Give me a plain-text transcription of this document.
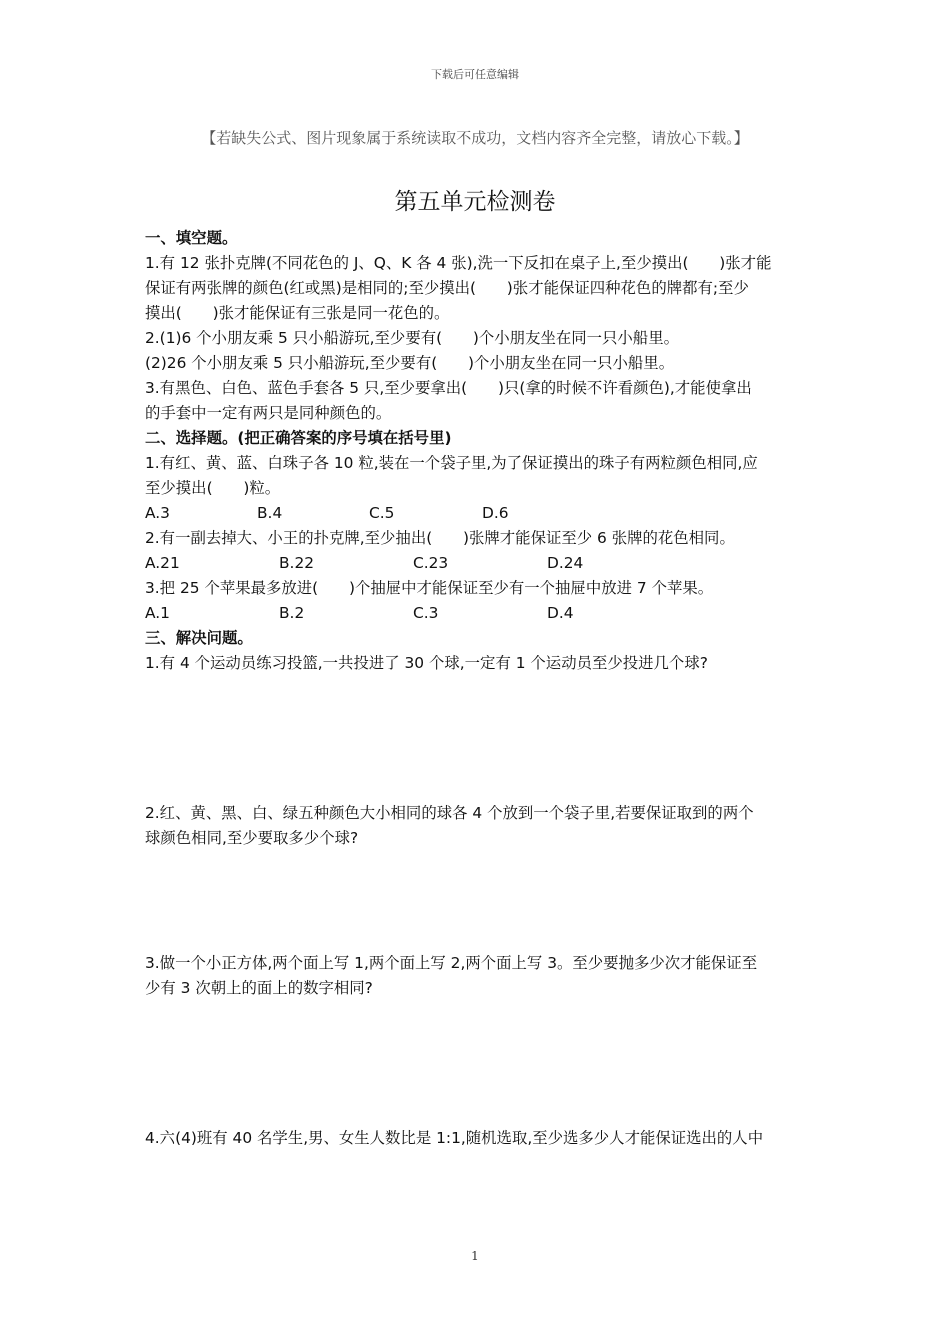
下载后可任意编辑
【若缺失公式、图片现象属于系统读取不成功，文档内容齐全完整，请放心下载。】
第五单元检测卷
一、填空题。
1.有 12 张扑克牌(不同花色的 J、Q、K 各 4 张),洗一下反扣在桌子上,至少摸出(　　)张才能
保证有两张牌的颜色(红或黑)是相同的;至少摸出(　　)张才能保证四种花色的牌都有;至少
摸出(　　)张才能保证有三张是同一花色的。
2.(1)6 个小朋友乘 5 只小船游玩,至少要有(　　)个小朋友坐在同一只小船里。
(2)26 个小朋友乘 5 只小船游玩,至少要有(　　)个小朋友坐在同一只小船里。
3.有黑色、白色、蓝色手套各 5 只,至少要拿出(　　)只(拿的时候不许看颜色),才能使拿出
的手套中一定有两只是同种颜色的。
二、选择题。(把正确答案的序号填在括号里)
1.有红、黄、蓝、白珠子各 10 粒,装在一个袋子里,为了保证摸出的珠子有两粒颜色相同,应
至少摸出(　　)粒。
A.3	B.4	C.5	D.6
2.有一副去掉大、小王的扑克牌,至少抽出(　　)张牌才能保证至少 6 张牌的花色相同。
A.21	B.22	C.23	D.24
3.把 25 个苹果最多放进(　　)个抽屉中才能保证至少有一个抽屉中放进 7 个苹果。
A.1	B.2	C.3	D.4
三、解决问题。
1.有 4 个运动员练习投篮,一共投进了 30 个球,一定有 1 个运动员至少投进几个球?
2.红、黄、黑、白、绿五种颜色大小相同的球各 4 个放到一个袋子里,若要保证取到的两个
球颜色相同,至少要取多少个球?
3.做一个小正方体,两个面上写 1,两个面上写 2,两个面上写 3。至少要抛多少次才能保证至
少有 3 次朝上的面上的数字相同?
4.六(4)班有 40 名学生,男、女生人数比是 1:1,随机选取,至少选多少人才能保证选出的人中
1
